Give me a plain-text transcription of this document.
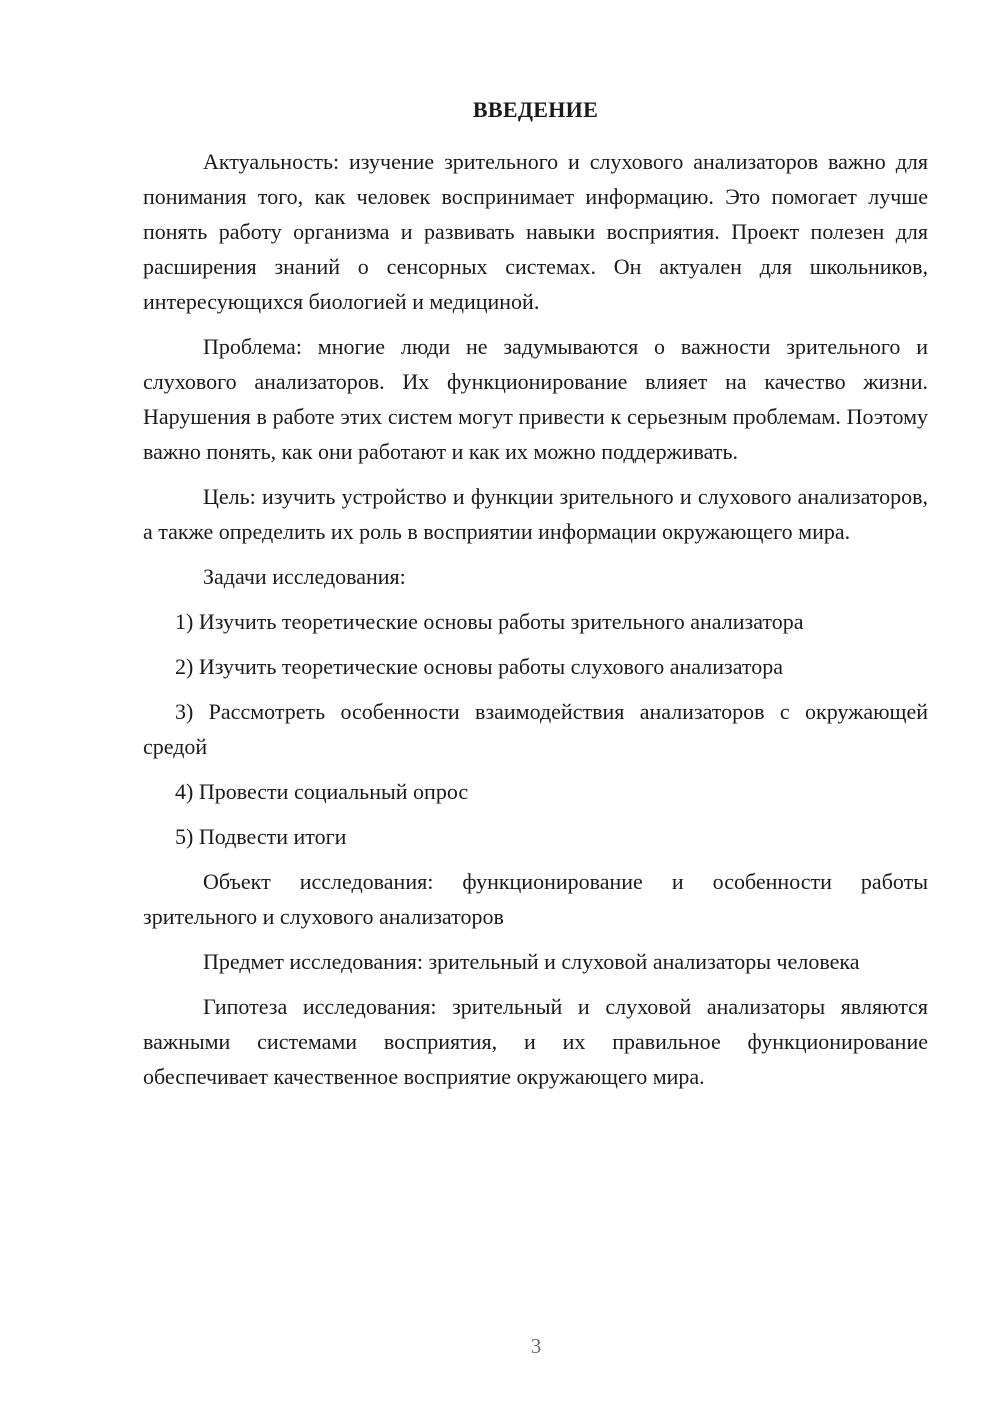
ВВЕДЕНИЕ

Актуальность: изучение зрительного и слухового анализаторов важно для понимания того, как человек воспринимает информацию. Это помогает лучше понять работу организма и развивать навыки восприятия. Проект полезен для расширения знаний о сенсорных системах. Он актуален для школьников, интересующихся биологией и медициной.

Проблема: многие люди не задумываются о важности зрительного и слухового анализаторов. Их функционирование влияет на качество жизни. Нарушения в работе этих систем могут привести к серьезным проблемам. Поэтому важно понять, как они работают и как их можно поддерживать.

Цель: изучить устройство и функции зрительного и слухового анализаторов, а также определить их роль в восприятии информации окружающего мира.

Задачи исследования:

1) Изучить теоретические основы работы зрительного анализатора

2) Изучить теоретические основы работы слухового анализатора

3) Рассмотреть особенности взаимодействия анализаторов с окружающей средой

4) Провести социальный опрос

5) Подвести итоги

Объект исследования: функционирование и особенности работы зрительного и слухового анализаторов

Предмет исследования: зрительный и слуховой анализаторы человека

Гипотеза исследования: зрительный и слуховой анализаторы являются важными системами восприятия, и их правильное функционирование обеспечивает качественное восприятие окружающего мира.

3
